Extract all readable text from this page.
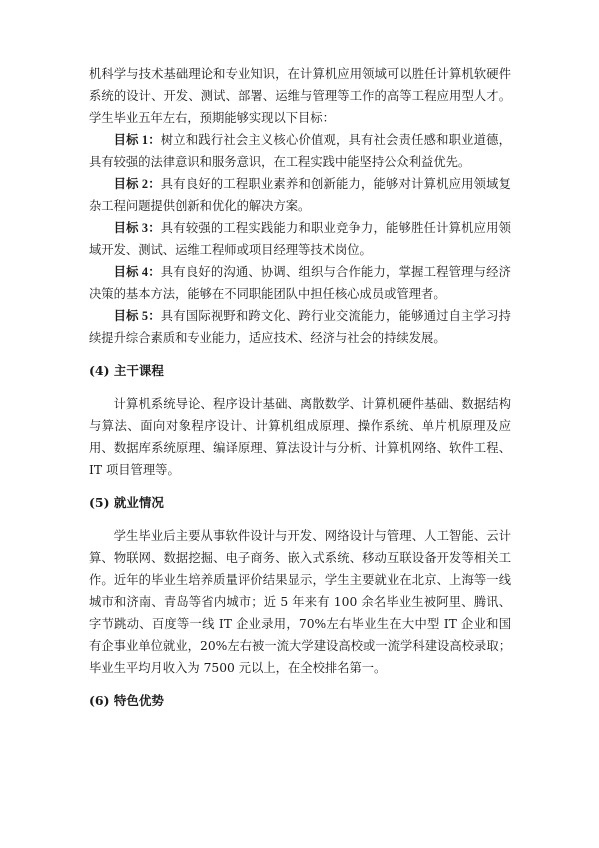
机科学与技术基础理论和专业知识，在计算机应用领域可以胜任计算机软硬件系统的设计、开发、测试、部署、运维与管理等工作的高等工程应用型人才。学生毕业五年左右，预期能够实现以下目标：

目标 1：树立和践行社会主义核心价值观，具有社会责任感和职业道德，具有较强的法律意识和服务意识，在工程实践中能坚持公众利益优先。

目标 2：具有良好的工程职业素养和创新能力，能够对计算机应用领域复杂工程问题提供创新和优化的解决方案。

目标 3：具有较强的工程实践能力和职业竞争力，能够胜任计算机应用领域开发、测试、运维工程师或项目经理等技术岗位。

目标 4：具有良好的沟通、协调、组织与合作能力，掌握工程管理与经济决策的基本方法，能够在不同职能团队中担任核心成员或管理者。

目标 5：具有国际视野和跨文化、跨行业交流能力，能够通过自主学习持续提升综合素质和专业能力，适应技术、经济与社会的持续发展。

(4) 主干课程

计算机系统导论、程序设计基础、离散数学、计算机硬件基础、数据结构与算法、面向对象程序设计、计算机组成原理、操作系统、单片机原理及应用、数据库系统原理、编译原理、算法设计与分析、计算机网络、软件工程、IT 项目管理等。

(5) 就业情况

学生毕业后主要从事软件设计与开发、网络设计与管理、人工智能、云计算、物联网、数据挖掘、电子商务、嵌入式系统、移动互联设备开发等相关工作。近年的毕业生培养质量评价结果显示，学生主要就业在北京、上海等一线城市和济南、青岛等省内城市；近 5 年来有 100 余名毕业生被阿里、腾讯、字节跳动、百度等一线 IT 企业录用，70%左右毕业生在大中型 IT 企业和国有企事业单位就业，20%左右被一流大学建设高校或一流学科建设高校录取；毕业生平均月收入为 7500 元以上，在全校排名第一。

(6) 特色优势
